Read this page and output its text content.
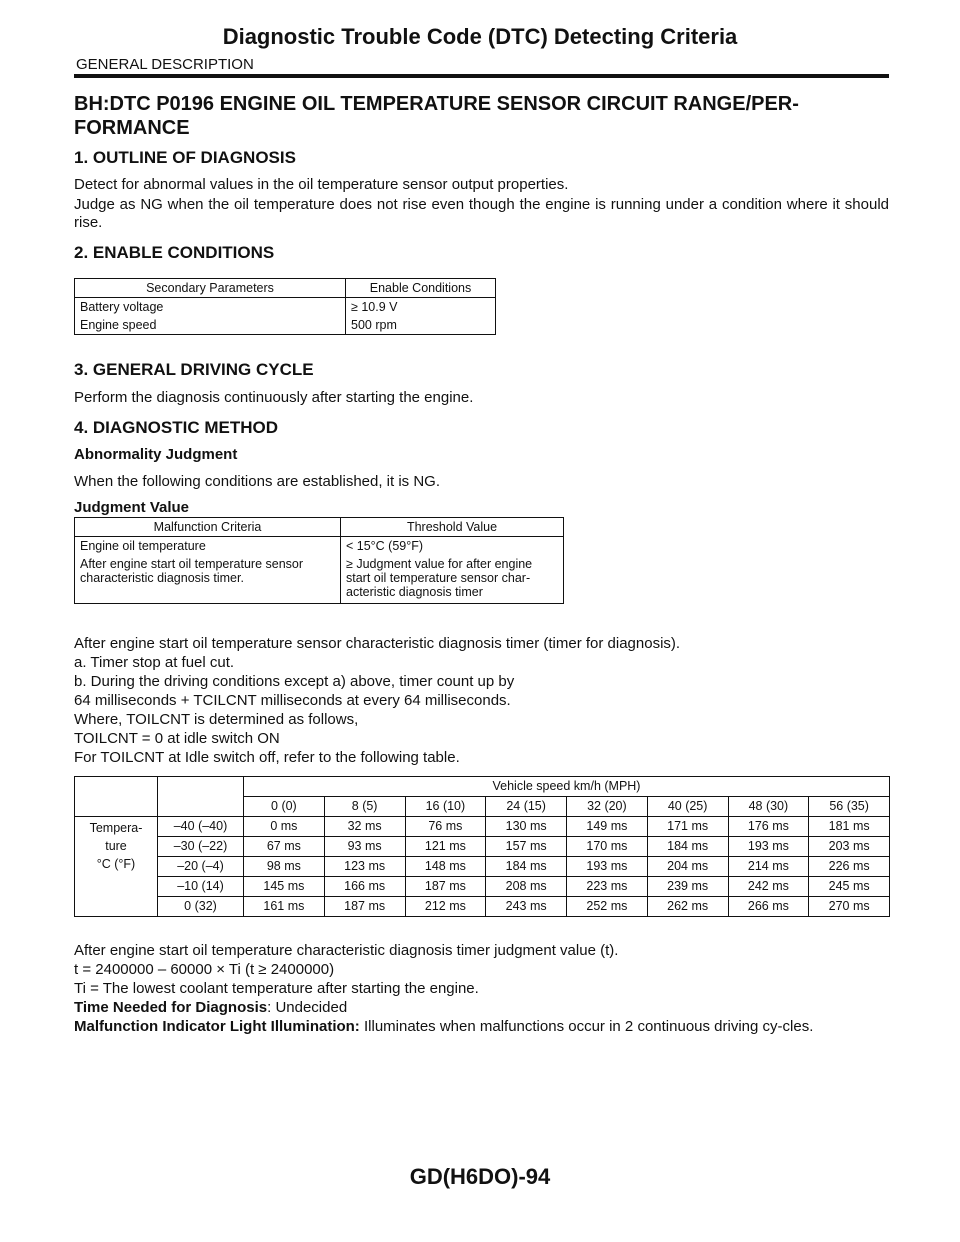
Diagnostic Trouble Code (DTC) Detecting Criteria
GENERAL DESCRIPTION
BH:DTC P0196 ENGINE OIL TEMPERATURE SENSOR CIRCUIT RANGE/PER-
FORMANCE
1. OUTLINE OF DIAGNOSIS
Detect for abnormal values in the oil temperature sensor output properties.
Judge as NG when the oil temperature does not rise even though the engine is running under a condition where it should rise.
2. ENABLE CONDITIONS
Secondary Parameters	Enable Conditions
Battery voltage	≥ 10.9 V
Engine speed	500 rpm
3. GENERAL DRIVING CYCLE
Perform the diagnosis continuously after starting the engine.
4. DIAGNOSTIC METHOD
Abnormality Judgment
When the following conditions are established, it is NG.
Judgment Value
Malfunction Criteria	Threshold Value
Engine oil temperature	< 15°C (59°F)
After engine start oil temperature sensor characteristic diagnosis timer.	≥ Judgment value for after engine start oil temperature sensor char-acteristic diagnosis timer
After engine start oil temperature sensor characteristic diagnosis timer (timer for diagnosis).
a. Timer stop at fuel cut.
b. During the driving conditions except a) above, timer count up by
64 milliseconds + TCILCNT milliseconds at every 64 milliseconds.
Where, TOILCNT is determined as follows,
TOILCNT = 0 at idle switch ON
For TOILCNT at Idle switch off, refer to the following table.
		Vehicle speed km/h (MPH)							
		0 (0)	8 (5)	16 (10)	24 (15)	32 (20)	40 (25)	48 (30)	56 (35)
Tempera-
ture
°C (°F)	–40 (–40)	0 ms	32 ms	76 ms	130 ms	149 ms	171 ms	176 ms	181 ms
	–30 (–22)	67 ms	93 ms	121 ms	157 ms	170 ms	184 ms	193 ms	203 ms
	–20 (–4)	98 ms	123 ms	148 ms	184 ms	193 ms	204 ms	214 ms	226 ms
	–10 (14)	145 ms	166 ms	187 ms	208 ms	223 ms	239 ms	242 ms	245 ms
	0 (32)	161 ms	187 ms	212 ms	243 ms	252 ms	262 ms	266 ms	270 ms
After engine start oil temperature characteristic diagnosis timer judgment value (t).
t = 2400000 – 60000 × Ti (t ≥ 2400000)
Ti = The lowest coolant temperature after starting the engine.
Time Needed for Diagnosis: Undecided
Malfunction Indicator Light Illumination: Illuminates when malfunctions occur in 2 continuous driving cy-cles.
GD(H6DO)-94
